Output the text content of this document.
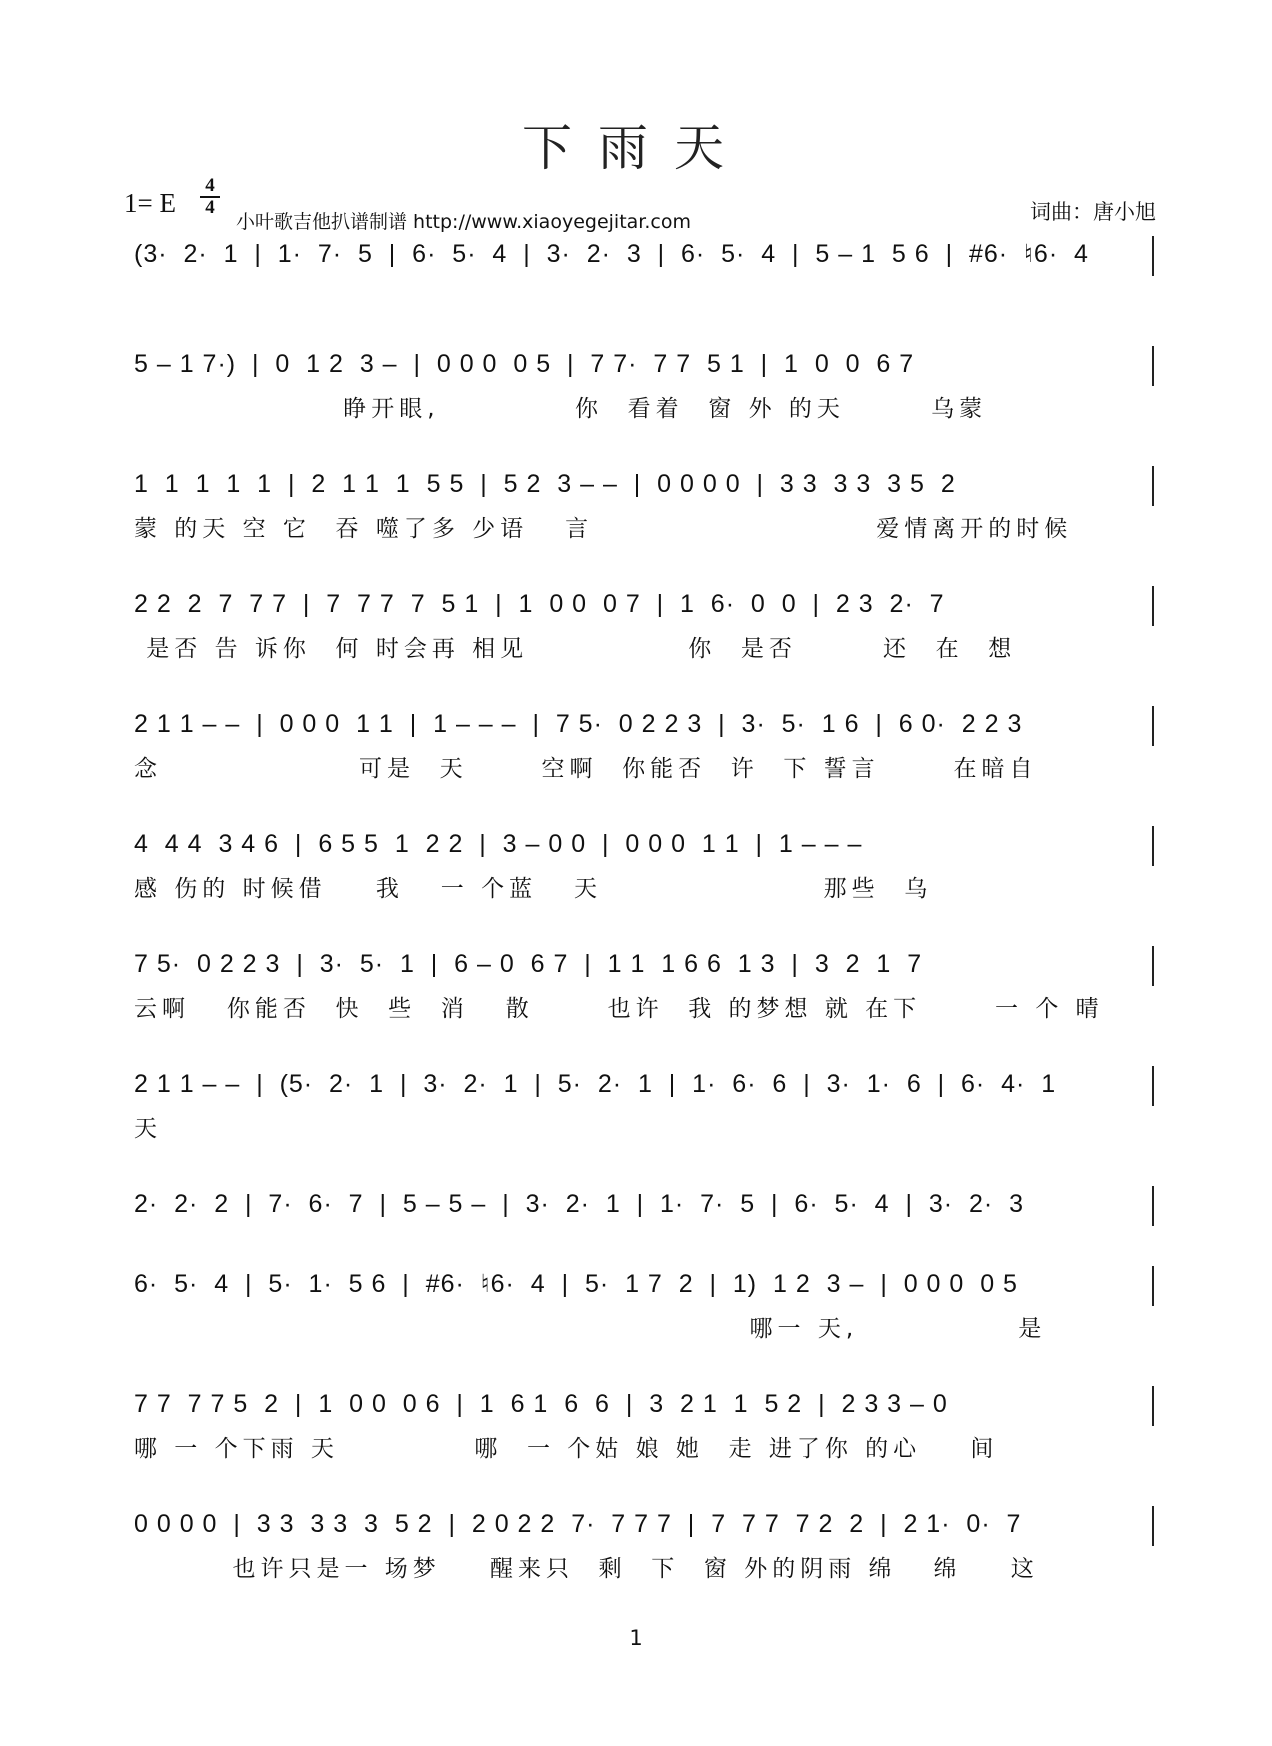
下雨天
1= E
4
4
小叶歌吉他扒谱制谱 http://www.xiaoyegejitar.com	词曲：唐小旭
(3·  2·  1  |  1·  7·  5  |  6·  5·  4  |  3·  2·  3  |  6·  5·  4  |  5 – 1  5 6  |  #6·  ♮6·  4
5 – 1 7·)  |  0  1 2  3 –  |  0 0 0  0 5  |  7 7·  7 7  5 1  |  1  0  0  6 7
睁开眼,           你  看着  窗 外 的天       乌蒙
1  1  1  1  1  |  2  1 1  1  5 5  |  5 2  3 – –  |  0 0 0 0  |  3 3  3 3  3 5  2
蒙 的天 空 它  吞 噬了多 少语   言                       爱情离开的时候
2 2  2  7  7 7  |  7  7 7  7  5 1  |  1  0 0  0 7  |  1  6·  0  0  |  2 3  2·  7
是否 告 诉你  何 时会再 相见             你  是否       还  在  想
2 1 1 – –  |  0 0 0  1 1  |  1 – – –  |  7 5·  0 2 2 3  |  3·  5·  1 6  |  6 0·  2 2 3
念                可是  天      空啊  你能否  许  下 誓言      在暗自
4  4 4  3 4 6  |  6 5 5  1  2 2  |  3 – 0 0  |  0 0 0  1 1  |  1 – – –
感 伤的 时候借    我   一 个蓝   天                  那些  乌
7 5·  0 2 2 3  |  3·  5·  1  |  6 – 0  6 7  |  1 1  1 6 6  1 3  |  3  2  1  7
云啊   你能否  快  些  消   散      也许  我 的梦想 就 在下      一 个 晴
2 1 1 – –  |  (5·  2·  1  |  3·  2·  1  |  5·  2·  1  |  1·  6·  6  |  3·  1·  6  |  6·  4·  1
天
2·  2·  2  |  7·  6·  7  |  5 – 5 –  |  3·  2·  1  |  1·  7·  5  |  6·  5·  4  |  3·  2·  3
6·  5·  4  |  5·  1·  5 6  |  #6·  ♮6·  4  |  5·  1 7  2  |  1)  1 2  3 –  |  0 0 0  0 5
哪一 天,             是
7 7  7 7 5  2  |  1  0 0  0 6  |  1  6 1  6  6  |  3  2 1  1  5 2  |  2 3 3 – 0
哪 一 个下雨 天           哪  一 个姑 娘 她  走 进了你 的心    间
0 0 0 0  |  3 3  3 3  3  5 2  |  2 0 2 2  7·  7 7 7  |  7  7 7  7 2  2  |  2 1·  0·  7
也许只是一 场梦    醒来只  剩  下  窗 外的阴雨 绵   绵    这
1
